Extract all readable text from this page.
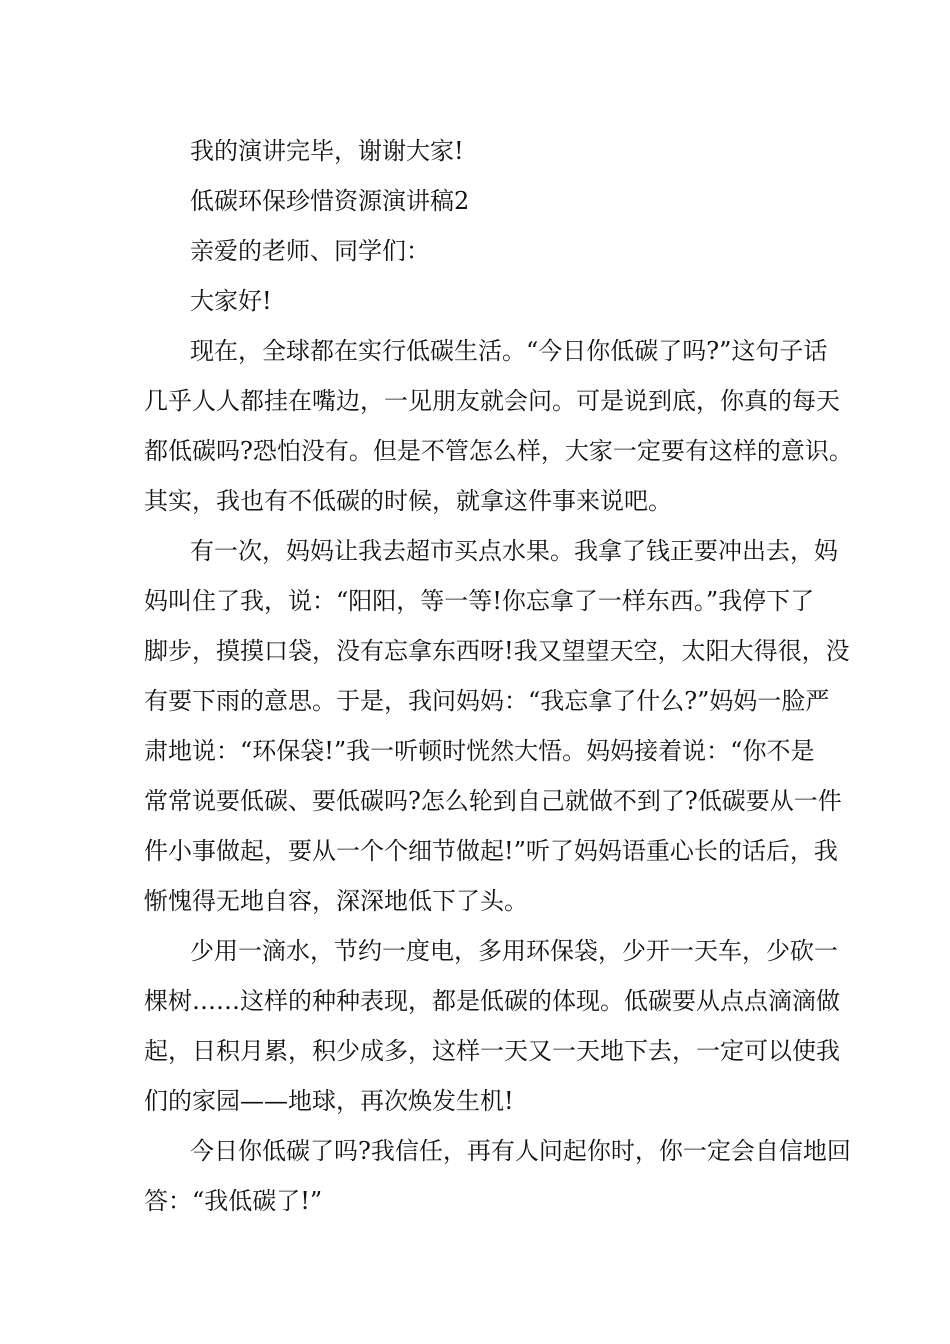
我的演讲完毕，谢谢大家!
低碳环保珍惜资源演讲稿2
亲爱的老师、同学们：
大家好!
现在，全球都在实行低碳生活。“今日你低碳了吗?”这句子话
几乎人人都挂在嘴边，一见朋友就会问。可是说到底，你真的每天
都低碳吗?恐怕没有。但是不管怎么样，大家一定要有这样的意识。
其实，我也有不低碳的时候，就拿这件事来说吧。
有一次，妈妈让我去超市买点水果。我拿了钱正要冲出去，妈
妈叫住了我，说：“阳阳，等一等!你忘拿了一样东西。”我停下了
脚步，摸摸口袋，没有忘拿东西呀!我又望望天空，太阳大得很，没
有要下雨的意思。于是，我问妈妈：“我忘拿了什么?”妈妈一脸严
肃地说：“环保袋!”我一听顿时恍然大悟。妈妈接着说：“你不是
常常说要低碳、要低碳吗?怎么轮到自己就做不到了?低碳要从一件
件小事做起，要从一个个细节做起!”听了妈妈语重心长的话后，我
惭愧得无地自容，深深地低下了头。
少用一滴水，节约一度电，多用环保袋，少开一天车，少砍一
棵树……这样的种种表现，都是低碳的体现。低碳要从点点滴滴做
起，日积月累，积少成多，这样一天又一天地下去，一定可以使我
们的家园——地球，再次焕发生机!
今日你低碳了吗?我信任，再有人问起你时，你一定会自信地回
答：“我低碳了!”
